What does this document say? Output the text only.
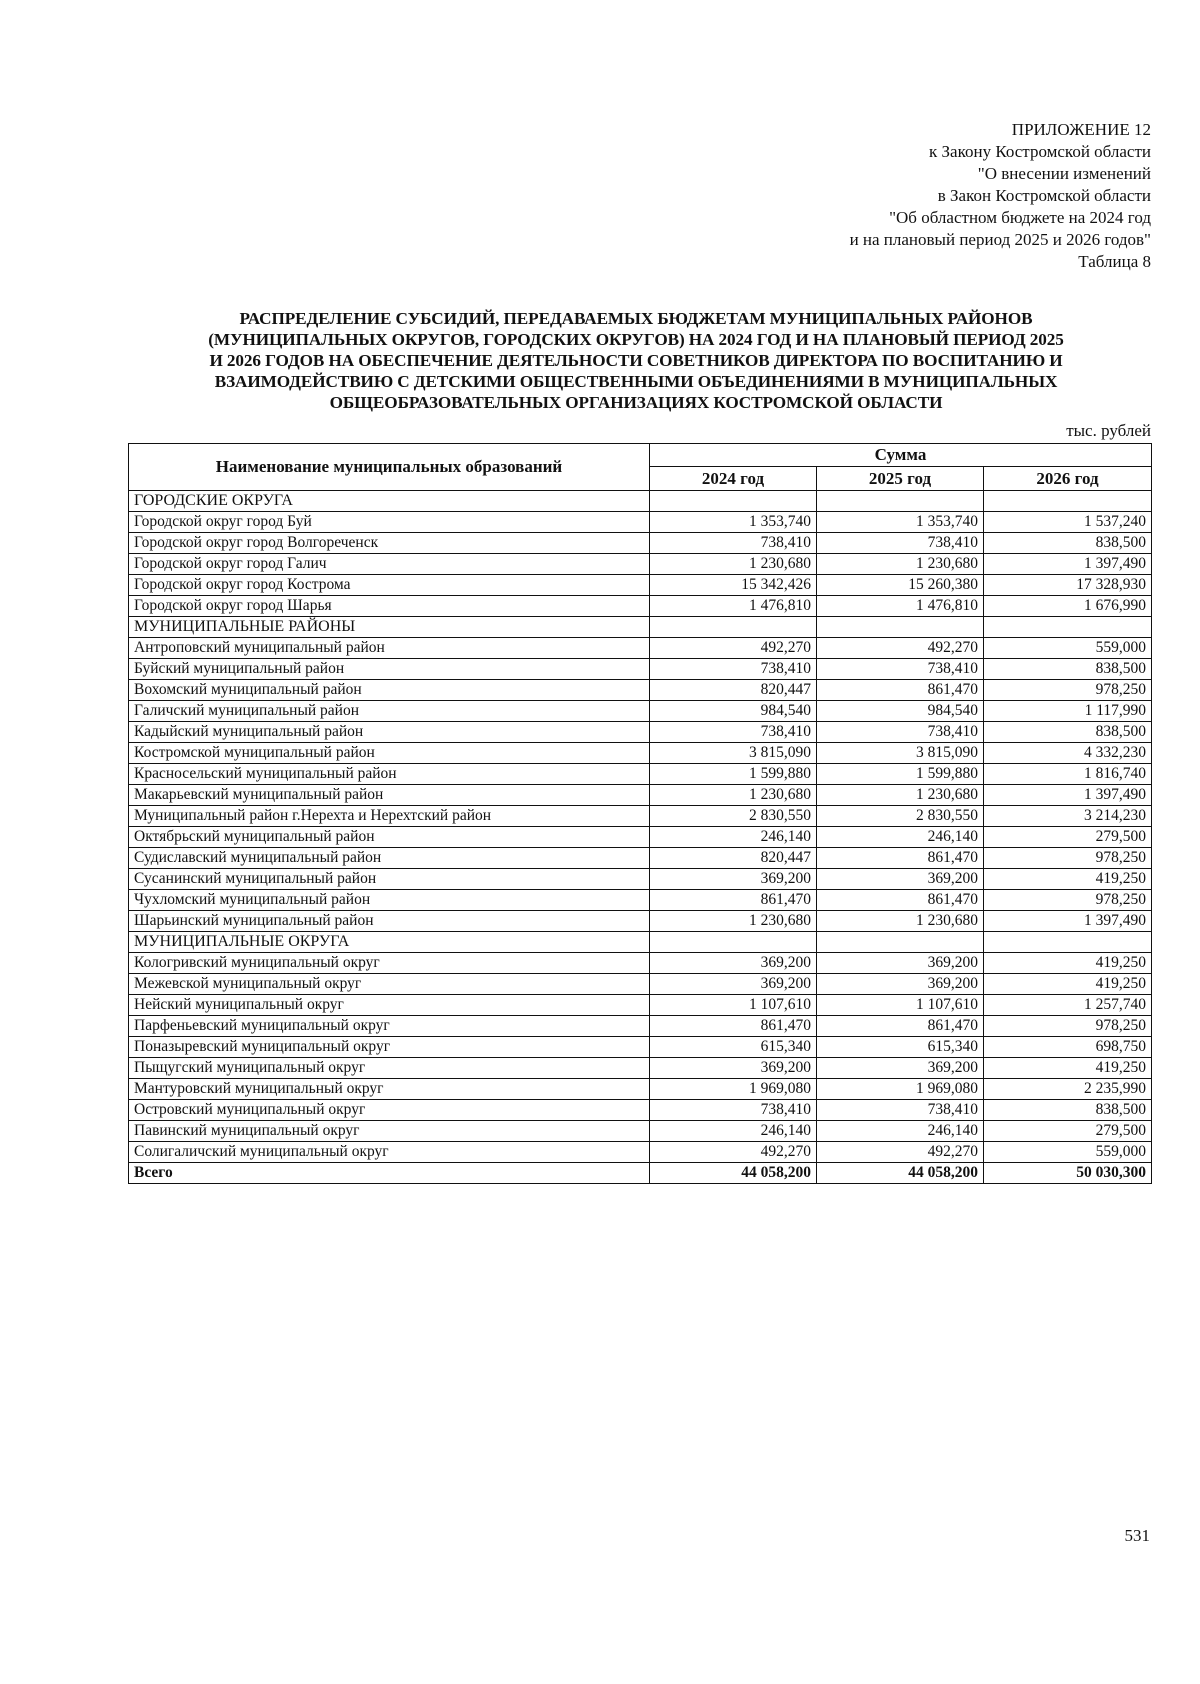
ПРИЛОЖЕНИЕ 12
к Закону Костромской области
"О внесении изменений
в Закон Костромской области
"Об областном бюджете на 2024 год
и на плановый период 2025 и 2026 годов"
Таблица 8
РАСПРЕДЕЛЕНИЕ СУБСИДИЙ, ПЕРЕДАВАЕМЫХ БЮДЖЕТАМ МУНИЦИПАЛЬНЫХ РАЙОНОВ
(МУНИЦИПАЛЬНЫХ ОКРУГОВ, ГОРОДСКИХ ОКРУГОВ) НА 2024 ГОД И НА ПЛАНОВЫЙ ПЕРИОД 2025
И 2026 ГОДОВ НА ОБЕСПЕЧЕНИЕ ДЕЯТЕЛЬНОСТИ СОВЕТНИКОВ ДИРЕКТОРА ПО ВОСПИТАНИЮ И
ВЗАИМОДЕЙСТВИЮ С ДЕТСКИМИ ОБЩЕСТВЕННЫМИ ОБЪЕДИНЕНИЯМИ В МУНИЦИПАЛЬНЫХ
ОБЩЕОБРАЗОВАТЕЛЬНЫХ ОРГАНИЗАЦИЯХ КОСТРОМСКОЙ ОБЛАСТИ
тыс. рублей
Наименование муниципальных образований	Сумма		
	2024 год	2025 год	2026 год
ГОРОДСКИЕ ОКРУГА			
Городской округ город Буй	1 353,740	1 353,740	1 537,240
Городской округ город Волгореченск	738,410	738,410	838,500
Городской округ город Галич	1 230,680	1 230,680	1 397,490
Городской округ город Кострома	15 342,426	15 260,380	17 328,930
Городской округ город Шарья	1 476,810	1 476,810	1 676,990
МУНИЦИПАЛЬНЫЕ РАЙОНЫ			
Антроповский муниципальный район	492,270	492,270	559,000
Буйский муниципальный район	738,410	738,410	838,500
Вохомский муниципальный район	820,447	861,470	978,250
Галичский муниципальный район	984,540	984,540	1 117,990
Кадыйский муниципальный район	738,410	738,410	838,500
Костромской муниципальный район	3 815,090	3 815,090	4 332,230
Красносельский муниципальный район	1 599,880	1 599,880	1 816,740
Макарьевский муниципальный район	1 230,680	1 230,680	1 397,490
Муниципальный район г.Нерехта и Нерехтский район	2 830,550	2 830,550	3 214,230
Октябрьский муниципальный район	246,140	246,140	279,500
Судиславский муниципальный район	820,447	861,470	978,250
Сусанинский муниципальный район	369,200	369,200	419,250
Чухломский муниципальный район	861,470	861,470	978,250
Шарьинский муниципальный район	1 230,680	1 230,680	1 397,490
МУНИЦИПАЛЬНЫЕ ОКРУГА			
Кологривский муниципальный округ	369,200	369,200	419,250
Межевской муниципальный округ	369,200	369,200	419,250
Нейский муниципальный округ	1 107,610	1 107,610	1 257,740
Парфеньевский муниципальный округ	861,470	861,470	978,250
Поназыревский муниципальный округ	615,340	615,340	698,750
Пыщугский муниципальный округ	369,200	369,200	419,250
Мантуровский муниципальный округ	1 969,080	1 969,080	2 235,990
Островский муниципальный округ	738,410	738,410	838,500
Павинский муниципальный округ	246,140	246,140	279,500
Солигаличский муниципальный округ	492,270	492,270	559,000
Всего	44 058,200	44 058,200	50 030,300
531
